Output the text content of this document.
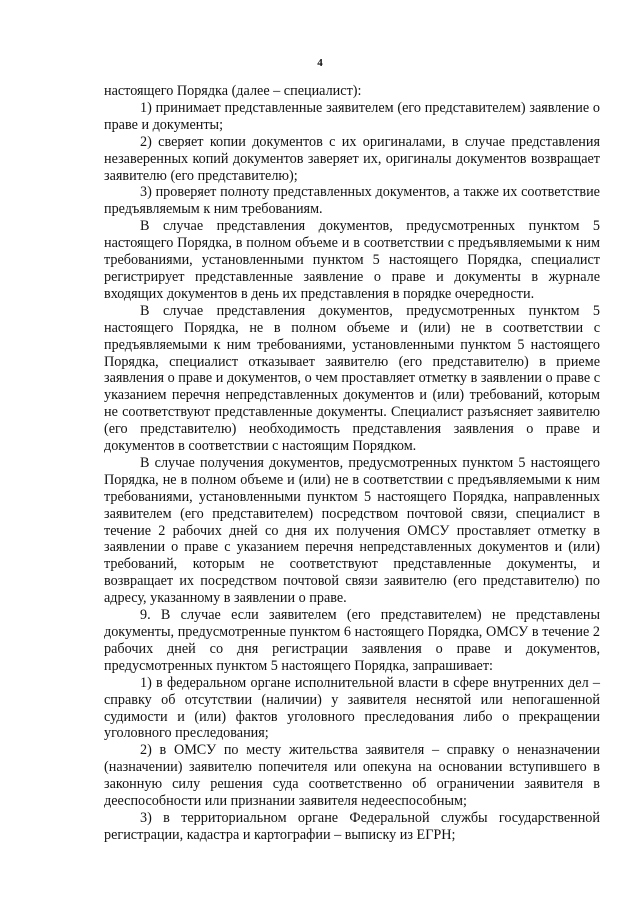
4

настоящего Порядка (далее – специалист):

1) принимает представленные заявителем (его представителем) заявление о праве и документы;

2) сверяет копии документов с их оригиналами, в случае представления незаверенных копий документов заверяет их, оригиналы документов возвращает заявителю (его представителю);

3) проверяет полноту представленных документов, а также их соответствие предъявляемым к ним требованиям.

В случае представления документов, предусмотренных пунктом 5 настоящего Порядка, в полном объеме и в соответствии с предъявляемыми к ним требованиями, установленными пунктом 5 настоящего Порядка, специалист регистрирует представленные заявление о праве и документы в журнале входящих документов в день их представления в порядке очередности.

В случае представления документов, предусмотренных пунктом 5 настоящего Порядка, не в полном объеме и (или) не в соответствии с предъявляемыми к ним требованиями, установленными пунктом 5 настоящего Порядка, специалист отказывает заявителю (его представителю) в приеме заявления о праве и документов, о чем проставляет отметку в заявлении о праве с указанием перечня непредставленных документов и (или) требований, которым не соответствуют представленные документы. Специалист разъясняет заявителю (его представителю) необходимость представления заявления о праве и документов в соответствии с настоящим Порядком.

В случае получения документов, предусмотренных пунктом 5 настоящего Порядка, не в полном объеме и (или) не в соответствии с предъявляемыми к ним требованиями, установленными пунктом 5 настоящего Порядка, направленных заявителем (его представителем) посредством почтовой связи, специалист в течение 2 рабочих дней со дня их получения ОМСУ проставляет отметку в заявлении о праве с указанием перечня непредставленных документов и (или) требований, которым не соответствуют представленные документы, и возвращает их посредством почтовой связи заявителю (его представителю) по адресу, указанному в заявлении о праве.

9. В случае если заявителем (его представителем) не представлены документы, предусмотренные пунктом 6 настоящего Порядка, ОМСУ в течение 2 рабочих дней со дня регистрации заявления о праве и документов, предусмотренных пунктом 5 настоящего Порядка, запрашивает:

1) в федеральном органе исполнительной власти в сфере внутренних дел – справку об отсутствии (наличии) у заявителя неснятой или непогашенной судимости и (или) фактов уголовного преследования либо о прекращении уголовного преследования;

2) в ОМСУ по месту жительства заявителя – справку о неназначении (назначении) заявителю попечителя или опекуна на основании вступившего в законную силу решения суда соответственно об ограничении заявителя в дееспособности или признании заявителя недееспособным;

3) в территориальном органе Федеральной службы государственной регистрации, кадастра и картографии – выписку из ЕГРН;
